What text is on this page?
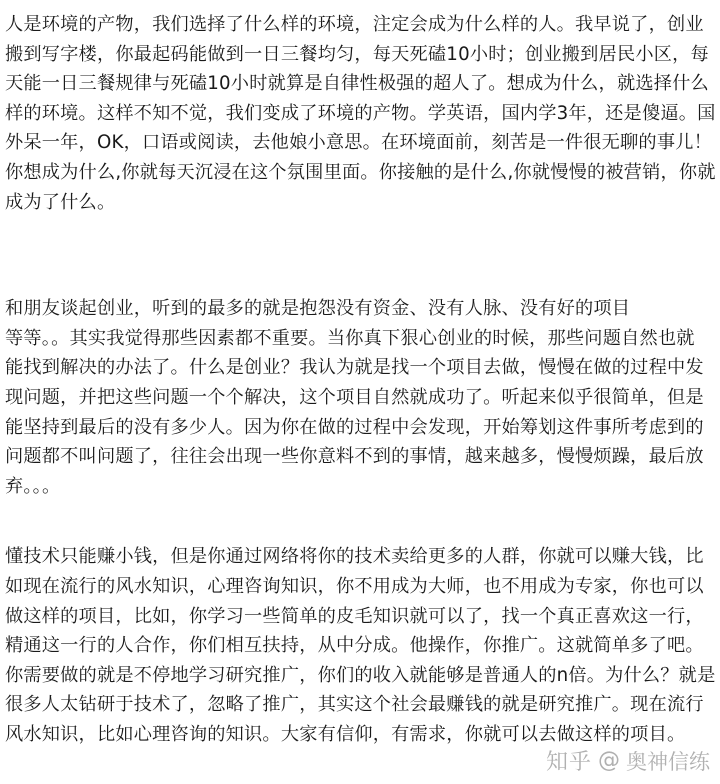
人是环境的产物，我们选择了什么样的环境，注定会成为什么样的人。我早说了，创业
搬到写字楼，你最起码能做到一日三餐均匀，每天死磕10小时；创业搬到居民小区，每
天能一日三餐规律与死磕10小时就算是自律性极强的超人了。想成为什么，就选择什么
样的环境。这样不知不觉，我们变成了环境的产物。学英语，国内学3年，还是傻逼。国
外呆一年，OK，口语或阅读，去他娘小意思。在环境面前，刻苦是一件很无聊的事儿！
你想成为什么,你就每天沉浸在这个氛围里面。你接触的是什么,你就慢慢的被营销，你就
成为了什么。

和朋友谈起创业，听到的最多的就是抱怨没有资金、没有人脉、没有好的项目
等等。。其实我觉得那些因素都不重要。当你真下狠心创业的时候，那些问题自然也就
能找到解决的办法了。什么是创业？我认为就是找一个项目去做，慢慢在做的过程中发
现问题，并把这些问题一个个解决，这个项目自然就成功了。听起来似乎很简单，但是
能坚持到最后的没有多少人。因为你在做的过程中会发现，开始筹划这件事所考虑到的
问题都不叫问题了，往往会出现一些你意料不到的事情，越来越多，慢慢烦躁，最后放
弃。。。

懂技术只能赚小钱，但是你通过网络将你的技术卖给更多的人群，你就可以赚大钱，比
如现在流行的风水知识，心理咨询知识，你不用成为大师，也不用成为专家，你也可以
做这样的项目，比如，你学习一些简单的皮毛知识就可以了，找一个真正喜欢这一行，
精通这一行的人合作，你们相互扶持，从中分成。他操作，你推广。这就简单多了吧。
你需要做的就是不停地学习研究推广，你们的收入就能够是普通人的n倍。为什么？就是
很多人太钻研于技术了，忽略了推广，其实这个社会最赚钱的就是研究推广。现在流行
风水知识，比如心理咨询的知识。大家有信仰，有需求，你就可以去做这样的项目。

知乎 @ 奥神信练
